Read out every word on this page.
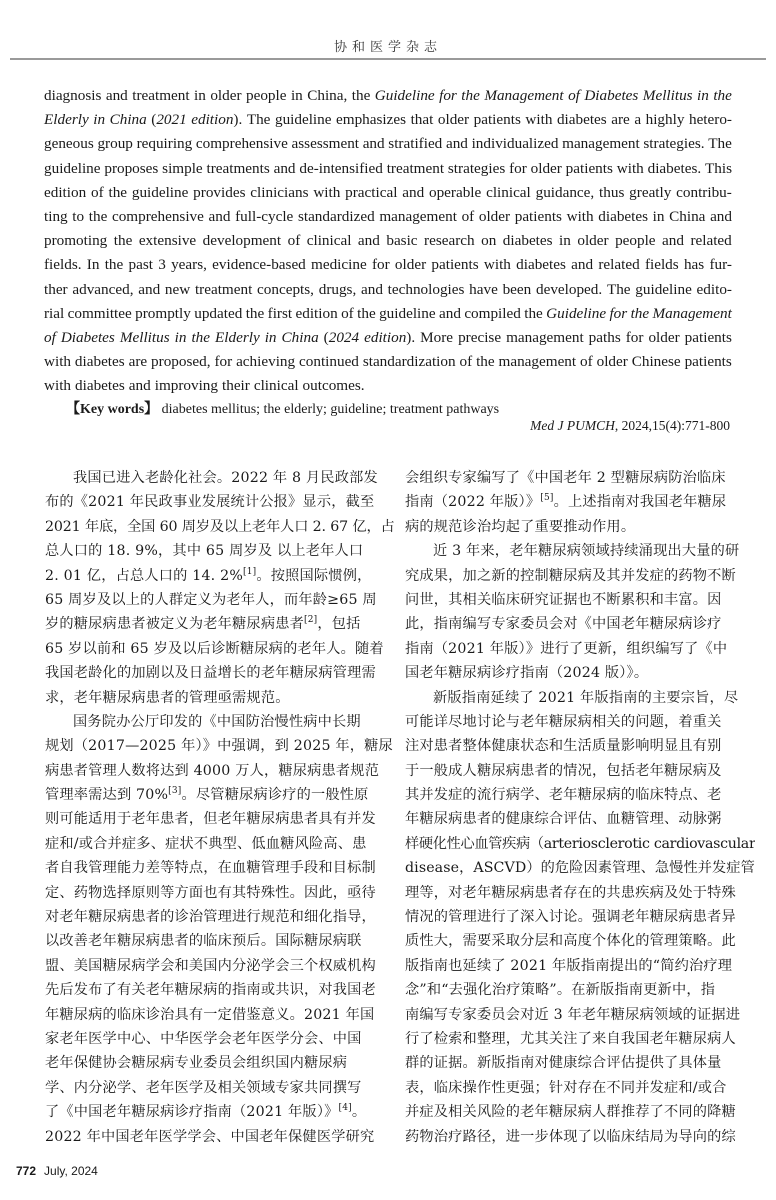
协和医学杂志
diagnosis and treatment in older people in China, the Guideline for the Management of Diabetes Mellitus in the
Elderly in China (2021 edition). The guideline emphasizes that older patients with diabetes are a highly hetero-
geneous group requiring comprehensive assessment and stratified and individualized management strategies. The
guideline proposes simple treatments and de-intensified treatment strategies for older patients with diabetes. This
edition of the guideline provides clinicians with practical and operable clinical guidance, thus greatly contribu-
ting to the comprehensive and full-cycle standardized management of older patients with diabetes in China and
promoting the extensive development of clinical and basic research on diabetes in older people and related
fields. In the past 3 years, evidence-based medicine for older patients with diabetes and related fields has fur-
ther advanced, and new treatment concepts, drugs, and technologies have been developed. The guideline edito-
rial committee promptly updated the first edition of the guideline and compiled the Guideline for the Management
of Diabetes Mellitus in the Elderly in China (2024 edition). More precise management paths for older patients
with diabetes are proposed, for achieving continued standardization of the management of older Chinese patients
with diabetes and improving their clinical outcomes.
【Key words】 diabetes mellitus; the elderly; guideline; treatment pathways
Med J PUMCH, 2024,15(4):771-800
我国已进入老龄化社会。2022 年 8 月民政部发
布的《2021 年民政事业发展统计公报》显示，截至
2021 年底，全国 60 周岁及以上老年人口 2. 67 亿，占
总人口的 18. 9%，其中 65 周岁及 以上老年人口
2. 01 亿，占总人口的 14. 2%[1]。按照国际惯例，
65 周岁及以上的人群定义为老年人，而年龄≥65 周
岁的糖尿病患者被定义为老年糖尿病患者[2]，包括
65 岁以前和 65 岁及以后诊断糖尿病的老年人。随着
我国老龄化的加剧以及日益增长的老年糖尿病管理需
求，老年糖尿病患者的管理亟需规范。
国务院办公厅印发的《中国防治慢性病中长期
规划（2017—2025 年）》中强调，到 2025 年，糖尿
病患者管理人数将达到 4000 万人，糖尿病患者规范
管理率需达到 70%[3]。尽管糖尿病诊疗的一般性原
则可能适用于老年患者，但老年糖尿病患者具有并发
症和/或合并症多、症状不典型、低血糖风险高、患
者自我管理能力差等特点，在血糖管理手段和目标制
定、药物选择原则等方面也有其特殊性。因此，亟待
对老年糖尿病患者的诊治管理进行规范和细化指导，
以改善老年糖尿病患者的临床预后。国际糖尿病联
盟、美国糖尿病学会和美国内分泌学会三个权威机构
先后发布了有关老年糖尿病的指南或共识，对我国老
年糖尿病的临床诊治具有一定借鉴意义。2021 年国
家老年医学中心、中华医学会老年医学分会、中国
老年保健协会糖尿病专业委员会组织国内糖尿病
学、内分泌学、老年医学及相关领域专家共同撰写
了《中国老年糖尿病诊疗指南（2021 年版）》[4]。
2022 年中国老年医学学会、中国老年保健医学研究
会组织专家编写了《中国老年 2 型糖尿病防治临床
指南（2022 年版）》[5]。上述指南对我国老年糖尿
病的规范诊治均起了重要推动作用。
近 3 年来，老年糖尿病领域持续涌现出大量的研
究成果，加之新的控制糖尿病及其并发症的药物不断
问世，其相关临床研究证据也不断累积和丰富。因
此，指南编写专家委员会对《中国老年糖尿病诊疗
指南（2021 年版）》进行了更新，组织编写了《中
国老年糖尿病诊疗指南（2024 版）》。
新版指南延续了 2021 年版指南的主要宗旨，尽
可能详尽地讨论与老年糖尿病相关的问题，着重关
注对患者整体健康状态和生活质量影响明显且有别
于一般成人糖尿病患者的情况，包括老年糖尿病及
其并发症的流行病学、老年糖尿病的临床特点、老
年糖尿病患者的健康综合评估、血糖管理、动脉粥
样硬化性心血管疾病（arteriosclerotic cardiovascular
disease，ASCVD）的危险因素管理、急慢性并发症管
理等，对老年糖尿病患者存在的共患疾病及处于特殊
情况的管理进行了深入讨论。强调老年糖尿病患者异
质性大，需要采取分层和高度个体化的管理策略。此
版指南也延续了 2021 年版指南提出的“简约治疗理
念”和“去强化治疗策略”。在新版指南更新中，指
南编写专家委员会对近 3 年老年糖尿病领域的证据进
行了检索和整理，尤其关注了来自我国老年糖尿病人
群的证据。新版指南对健康综合评估提供了具体量
表，临床操作性更强；针对存在不同并发症和/或合
并症及相关风险的老年糖尿病人群推荐了不同的降糖
药物治疗路径，进一步体现了以临床结局为导向的综
772 July, 2024
